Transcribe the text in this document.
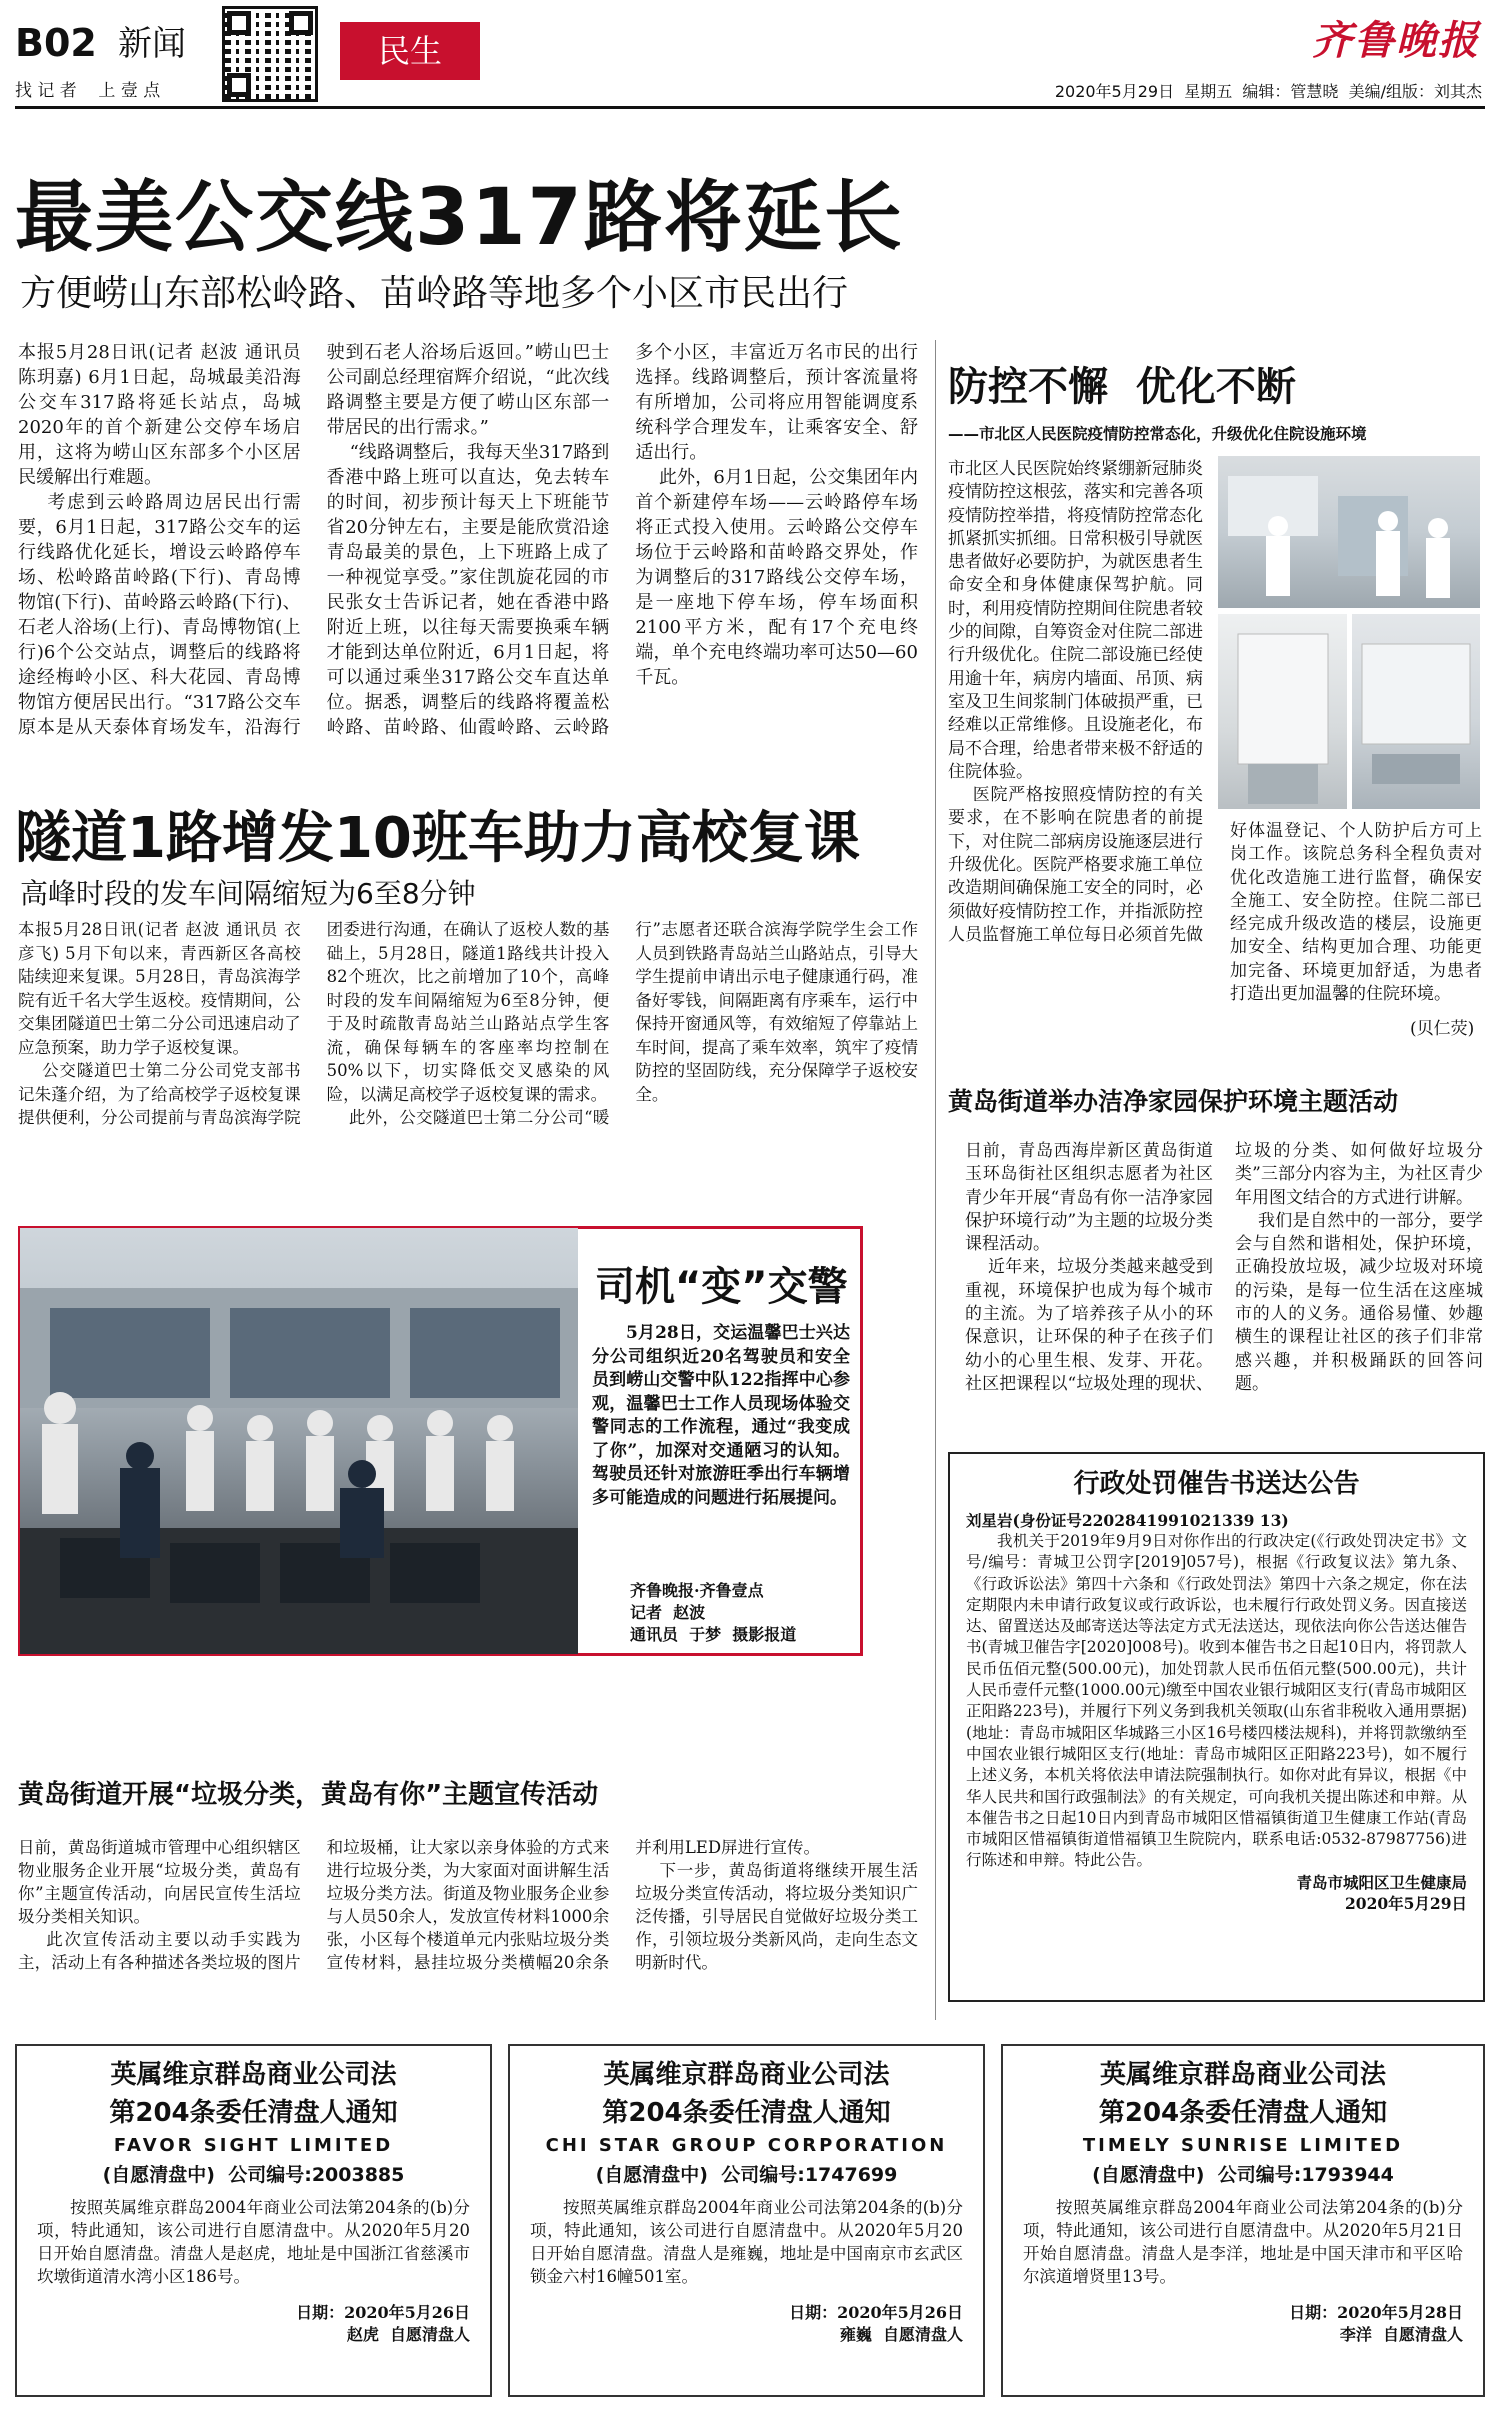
B02 新闻
找 记 者    上 壹 点
民生	齐鲁晚报
2020年5月29日  星期五  编辑：管慧晓  美编/组版：刘其杰
最美公交线317路将延长
方便崂山东部松岭路、苗岭路等地多个小区市民出行
本报5月28日讯(记者 赵波 通讯员 陈玥嘉) 6月1日起，岛城最美沿海公交车317路将延长站点，岛城2020年的首个新建公交停车场启用，这将为崂山区东部多个小区居民缓解出行难题。
考虑到云岭路周边居民出行需要，6月1日起，317路公交车的运行线路优化延长，增设云岭路停车场、松岭路苗岭路(下行)、青岛博物馆(下行)、苗岭路云岭路(下行)、石老人浴场(上行)、青岛博物馆(上行)6个公交站点，调整后的线路将途经梅岭小区、科大花园、青岛博物馆方便居民出行。“317路公交车原本是从天泰体育场发车，沿海行驶到石老人浴场后返回。”崂山巴士公司副总经理宿辉介绍说，“此次线路调整主要是方便了崂山区东部一带居民的出行需求。”
“线路调整后，我每天坐317路到香港中路上班可以直达，免去转车的时间，初步预计每天上下班能节省20分钟左右，主要是能欣赏沿途青岛最美的景色，上下班路上成了一种视觉享受。”家住凯旋花园的市民张女士告诉记者，她在香港中路附近上班，以往每天需要换乘车辆才能到达单位附近，6月1日起，将可以通过乘坐317路公交车直达单位。据悉，调整后的线路将覆盖松岭路、苗岭路、仙霞岭路、云岭路多个小区，丰富近万名市民的出行选择。线路调整后，预计客流量将有所增加，公司将应用智能调度系统科学合理发车，让乘客安全、舒适出行。
此外，6月1日起，公交集团年内首个新建停车场——云岭路停车场将正式投入使用。云岭路公交停车场位于云岭路和苗岭路交界处，作为调整后的317路线公交停车场，是一座地下停车场，停车场面积2100平方米，配有17个充电终端，单个充电终端功率可达50—60千瓦。
隧道1路增发10班车助力高校复课
高峰时段的发车间隔缩短为6至8分钟
本报5月28日讯(记者 赵波 通讯员 衣彦飞) 5月下旬以来，青西新区各高校陆续迎来复课。5月28日，青岛滨海学院有近千名大学生返校。疫情期间，公交集团隧道巴士第二分公司迅速启动了应急预案，助力学子返校复课。
公交隧道巴士第二分公司党支部书记朱蓬介绍，为了给高校学子返校复课提供便利，分公司提前与青岛滨海学院团委进行沟通，在确认了返校人数的基础上，5月28日，隧道1路线共计投入82个班次，比之前增加了10个，高峰时段的发车间隔缩短为6至8分钟，便于及时疏散青岛站兰山路站点学生客流，确保每辆车的客座率均控制在50%以下，切实降低交叉感染的风险，以满足高校学子返校复课的需求。
此外，公交隧道巴士第二分公司“暖行”志愿者还联合滨海学院学生会工作人员到铁路青岛站兰山路站点，引导大学生提前申请出示电子健康通行码，准备好零钱，间隔距离有序乘车，运行中保持开窗通风等，有效缩短了停靠站上车时间，提高了乘车效率，筑牢了疫情防控的坚固防线，充分保障学子返校安全。
司机“变”交警
5月28日，交运温馨巴士兴达分公司组织近20名驾驶员和安全员到崂山交警中队122指挥中心参观，温馨巴士工作人员现场体验交警同志的工作流程，通过“我变成了你”，加深对交通陋习的认知。驾驶员还针对旅游旺季出行车辆增多可能造成的问题进行拓展提问。
齐鲁晚报·齐鲁壹点
记者  赵波
通讯员  于梦  摄影报道
黄岛街道开展“垃圾分类，黄岛有你”主题宣传活动
日前，黄岛街道城市管理中心组织辖区物业服务企业开展“垃圾分类，黄岛有你”主题宣传活动，向居民宣传生活垃圾分类相关知识。
此次宣传活动主要以动手实践为主，活动上有各种描述各类垃圾的图片和垃圾桶，让大家以亲身体验的方式来进行垃圾分类，为大家面对面讲解生活垃圾分类方法。街道及物业服务企业参与人员50余人，发放宣传材料1000余张，小区每个楼道单元内张贴垃圾分类宣传材料，悬挂垃圾分类横幅20余条并利用LED屏进行宣传。
下一步，黄岛街道将继续开展生活垃圾分类宣传活动，将垃圾分类知识广泛传播，引导居民自觉做好垃圾分类工作，引领垃圾分类新风尚，走向生态文明新时代。
防控不懈  优化不断
——市北区人民医院疫情防控常态化，升级优化住院设施环境
市北区人民医院始终紧绷新冠肺炎疫情防控这根弦，落实和完善各项疫情防控举措，将疫情防控常态化抓紧抓实抓细。日常积极引导就医患者做好必要防护，为就医患者生命安全和身体健康保驾护航。同时，利用疫情防控期间住院患者较少的间隙，自筹资金对住院二部进行升级优化。住院二部设施已经使用逾十年，病房内墙面、吊顶、病室及卫生间浆制门体破损严重，已经难以正常维修。且设施老化，布局不合理，给患者带来极不舒适的住院体验。
医院严格按照疫情防控的有关要求，在不影响在院患者的前提下，对住院二部病房设施逐层进行升级优化。医院严格要求施工单位改造期间确保施工安全的同时，必须做好疫情防控工作，并指派防控人员监督施工单位每日必须首先做
好体温登记、个人防护后方可上岗工作。该院总务科全程负责对优化改造施工进行监督，确保安全施工、安全防控。住院二部已经完成升级改造的楼层，设施更加安全、结构更加合理、功能更加完备、环境更加舒适，为患者打造出更加温馨的住院环境。
(贝仁荧)
黄岛街道举办洁净家园保护环境主题活动
日前，青岛西海岸新区黄岛街道玉环岛街社区组织志愿者为社区青少年开展“青岛有你一洁净家园保护环境行动”为主题的垃圾分类课程活动。
近年来，垃圾分类越来越受到重视，环境保护也成为每个城市的主流。为了培养孩子从小的环保意识，让环保的种子在孩子们幼小的心里生根、发芽、开花。社区把课程以“垃圾处理的现状、垃圾的分类、如何做好垃圾分类”三部分内容为主，为社区青少年用图文结合的方式进行讲解。
我们是自然中的一部分，要学会与自然和谐相处，保护环境，正确投放垃圾，减少垃圾对环境的污染，是每一位生活在这座城市的人的义务。通俗易懂、妙趣横生的课程让社区的孩子们非常感兴趣，并积极踊跃的回答问题。
行政处罚催告书送达公告
刘星岩(身份证号2202841991021339 13)
我机关于2019年9月9日对你作出的行政决定(《行政处罚决定书》文号/编号：青城卫公罚字[2019]057号)，根据《行政复议法》第九条、《行政诉讼法》第四十六条和《行政处罚法》第四十六条之规定，你在法定期限内未申请行政复议或行政诉讼，也未履行行政处罚义务。因直接送达、留置送达及邮寄送达等法定方式无法送达，现依法向你公告送达催告书(青城卫催告字[2020]008号)。收到本催告书之日起10日内，将罚款人民币伍佰元整(500.00元)，加处罚款人民币伍佰元整(500.00元)，共计人民币壹仟元整(1000.00元)缴至中国农业银行城阳区支行(青岛市城阳区正阳路223号)，并履行下列义务到我机关领取(山东省非税收入通用票据)(地址：青岛市城阳区华城路三小区16号楼四楼法规科)，并将罚款缴纳至中国农业银行城阳区支行(地址：青岛市城阳区正阳路223号)，如不履行上述义务，本机关将依法申请法院强制执行。如你对此有异议，根据《中华人民共和国行政强制法》的有关规定，可向我机关提出陈述和申辩。从本催告书之日起10日内到青岛市城阳区惜福镇街道卫生健康工作站(青岛市城阳区惜福镇街道惜福镇卫生院院内，联系电话:0532-87987756)进行陈述和申辩。特此公告。
青岛市城阳区卫生健康局
2020年5月29日
英属维京群岛商业公司法
第204条委任清盘人通知
FAVOR SIGHT LIMITED
(自愿清盘中)  公司编号:2003885
按照英属维京群岛2004年商业公司法第204条的(b)分项，特此通知，该公司进行自愿清盘中。从2020年5月20日开始自愿清盘。清盘人是赵虎，地址是中国浙江省慈溪市坎墩街道清水湾小区186号。
日期：2020年5月26日
赵虎  自愿清盘人
英属维京群岛商业公司法
第204条委任清盘人通知
CHI STAR GROUP CORPORATION
(自愿清盘中)  公司编号:1747699
按照英属维京群岛2004年商业公司法第204条的(b)分项，特此通知，该公司进行自愿清盘中。从2020年5月20日开始自愿清盘。清盘人是雍巍，地址是中国南京市玄武区锁金六村16幢501室。
日期：2020年5月26日
雍巍  自愿清盘人
英属维京群岛商业公司法
第204条委任清盘人通知
TIMELY SUNRISE LIMITED
(自愿清盘中)  公司编号:1793944
按照英属维京群岛2004年商业公司法第204条的(b)分项，特此通知，该公司进行自愿清盘中。从2020年5月21日开始自愿清盘。清盘人是李洋，地址是中国天津市和平区哈尔滨道增贤里13号。
日期：2020年5月28日
李洋  自愿清盘人
